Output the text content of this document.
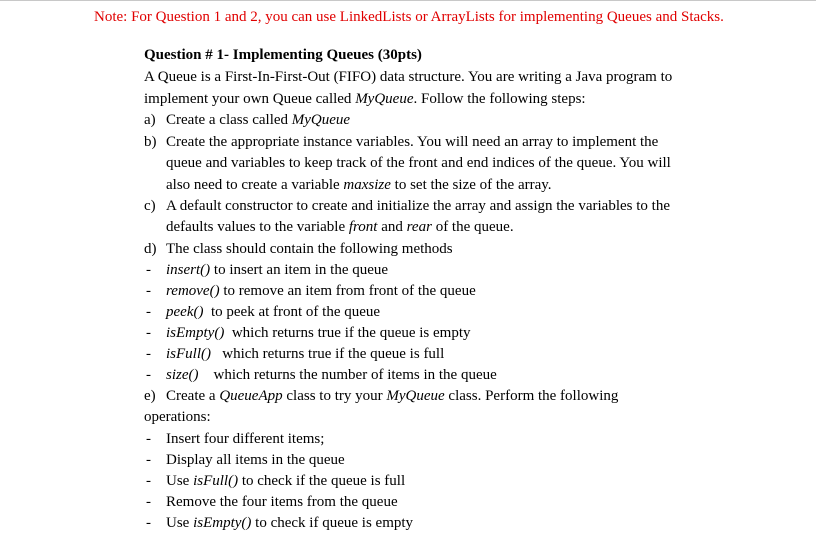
Note: For Question 1 and 2, you can use LinkedLists or ArrayLists for implementing Queues and Stacks.
Question # 1- Implementing Queues (30pts)
A Queue is a First-In-First-Out (FIFO) data structure. You are writing a Java program to
implement your own Queue called MyQueue. Follow the following steps:
a) Create a class called MyQueue
b) Create the appropriate instance variables. You will need an array to implement the
queue and variables to keep track of the front and end indices of the queue. You will
also need to create a variable maxsize to set the size of the array.
c) A default constructor to create and initialize the array and assign the variables to the
defaults values to the variable front and rear of the queue.
d) The class should contain the following methods
- insert() to insert an item in the queue
- remove() to remove an item from front of the queue
- peek()  to peek at front of the queue
- isEmpty()  which returns true if the queue is empty
- isFull()   which returns true if the queue is full
- size()    which returns the number of items in the queue
e) Create a QueueApp class to try your MyQueue class. Perform the following
operations:
- Insert four different items;
- Display all items in the queue
- Use isFull() to check if the queue is full
- Remove the four items from the queue
- Use isEmpty() to check if queue is empty
